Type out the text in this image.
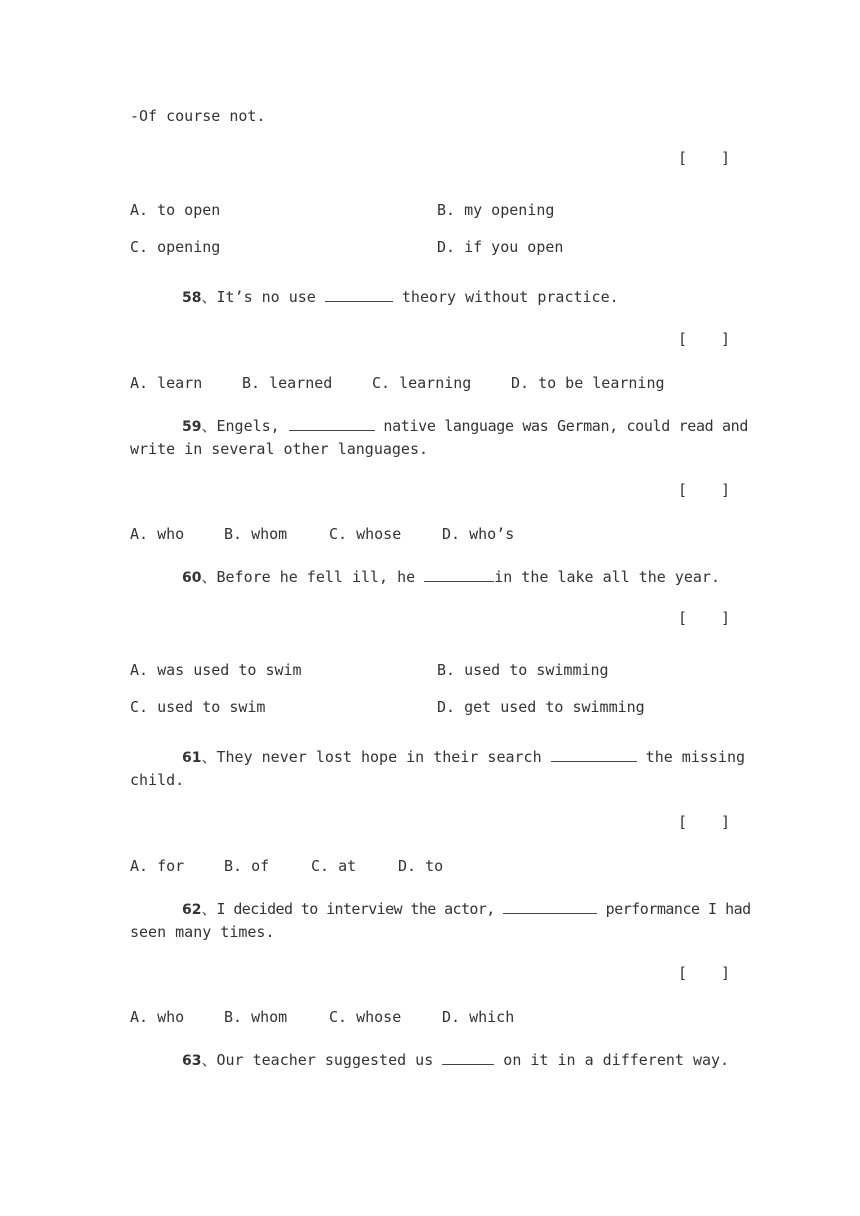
-Of course not.
[ ]
A. to open	B. my opening
C. opening	D. if you open
58、It’s no use	theory without practice.
[ ]
A. learn	B. learned	C. learning	D. to be learning
59、Engels,	native language was German, could read and
write in several other languages.
[ ]
A. who	B. whom	C. whose	D. who’s
60、Before he fell ill, he	in the lake all the year.
[ ]
A. was used to swim	B. used to swimming
C. used to swim	D. get used to swimming
61、They never lost hope in their search	the missing
child.
[ ]
A. for	B. of	C. at	D. to
62、I decided to interview the actor,	performance I had
seen many times.
[ ]
A. who	B. whom	C. whose	D. which
63、Our teacher suggested us	on it in a different way.
